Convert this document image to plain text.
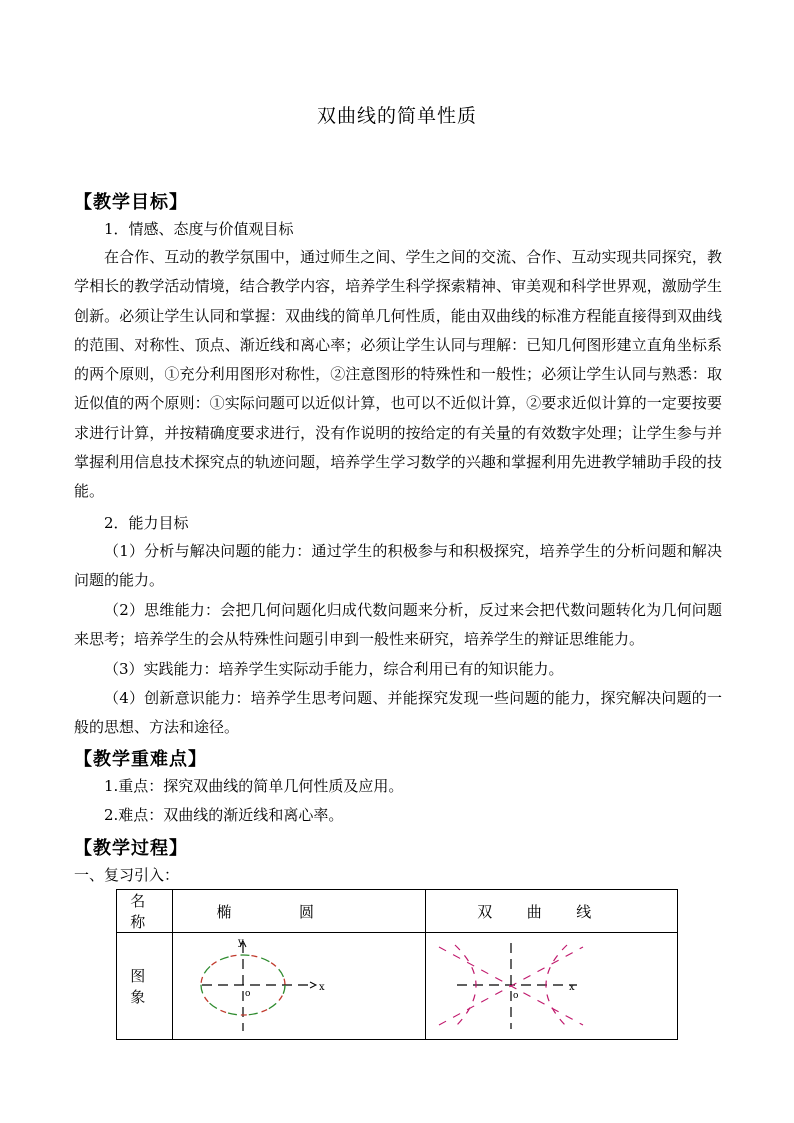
双曲线的简单性质
【教学目标】
1．情感、态度与价值观目标
在合作、互动的教学氛围中，通过师生之间、学生之间的交流、合作、互动实现共同探究，教学相长的教学活动情境，结合教学内容，培养学生科学探索精神、审美观和科学世界观，激励学生创新。必须让学生认同和掌握：双曲线的简单几何性质，能由双曲线的标准方程能直接得到双曲线的范围、对称性、顶点、渐近线和离心率；必须让学生认同与理解：已知几何图形建立直角坐标系的两个原则，①充分利用图形对称性，②注意图形的特殊性和一般性；必须让学生认同与熟悉：取近似值的两个原则：①实际问题可以近似计算，也可以不近似计算，②要求近似计算的一定要按要求进行计算，并按精确度要求进行，没有作说明的按给定的有关量的有效数字处理；让学生参与并掌握利用信息技术探究点的轨迹问题，培养学生学习数学的兴趣和掌握利用先进教学辅助手段的技能。
2．能力目标
（1）分析与解决问题的能力：通过学生的积极参与和积极探究，培养学生的分析问题和解决问题的能力。
（2）思维能力：会把几何问题化归成代数问题来分析，反过来会把代数问题转化为几何问题来思考；培养学生的会从特殊性问题引申到一般性来研究，培养学生的辩证思维能力。
（3）实践能力：培养学生实际动手能力，综合利用已有的知识能力。
（4）创新意识能力：培养学生思考问题、并能探究发现一些问题的能力，探究解决问题的一般的思想、方法和途径。
【教学重难点】
1.重点：探究双曲线的简单几何性质及应用。
2.难点：双曲线的渐近线和离心率。
【教学过程】
一、复习引入：
名称	椭圆	双曲线
图象	x
y
o	x
o
